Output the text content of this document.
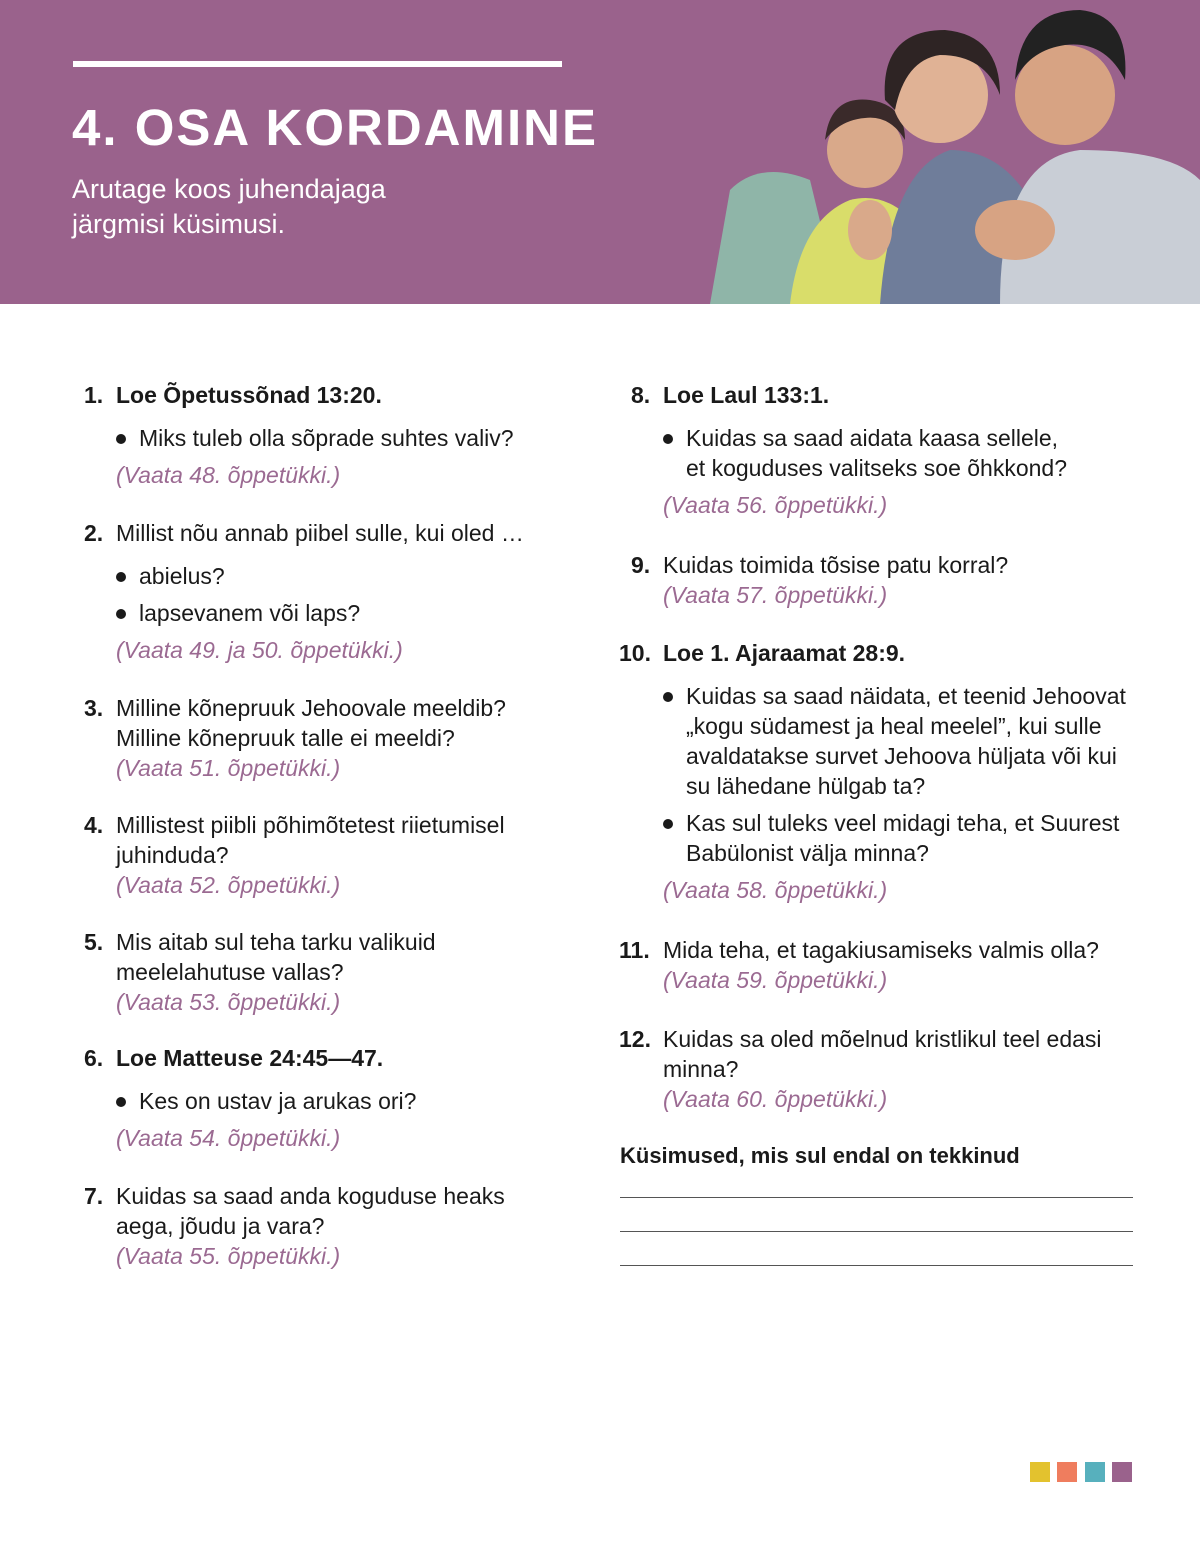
4. OSA KORDAMINE
Arutage koos juhendajaga
järgmisi küsimusi.
1. Loe Õpetussõnad 13:20.
Miks tuleb olla sõprade suhtes valiv?
(Vaata 48. õppetükki.)
2. Millist nõu annab piibel sulle, kui oled …
abielus?
lapsevanem või laps?
(Vaata 49. ja 50. õppetükki.)
3. Milline kõnepruuk Jehoovale meeldib? Milline kõnepruuk talle ei meeldi?
(Vaata 51. õppetükki.)
4. Millistest piibli põhimõtetest riietumisel juhinduda?
(Vaata 52. õppetükki.)
5. Mis aitab sul teha tarku valikuid meelelahutuse vallas?
(Vaata 53. õppetükki.)
6. Loe Matteuse 24:45—47.
Kes on ustav ja arukas ori?
(Vaata 54. õppetükki.)
7. Kuidas sa saad anda koguduse heaks aega, jõudu ja vara?
(Vaata 55. õppetükki.)
8. Loe Laul 133:1.
Kuidas sa saad aidata kaasa sellele, et koguduses valitseks soe õhkkond?
(Vaata 56. õppetükki.)
9. Kuidas toimida tõsise patu korral?
(Vaata 57. õppetükki.)
10. Loe 1. Ajaraamat 28:9.
Kuidas sa saad näidata, et teenid Jehoovat „kogu südamest ja heal meelel”, kui sulle avaldatakse survet Jehoova hüljata või kui su lähedane hülgab ta?
Kas sul tuleks veel midagi teha, et Suurest Babülonist välja minna?
(Vaata 58. õppetükki.)
11. Mida teha, et tagakiusamiseks valmis olla?
(Vaata 59. õppetükki.)
12. Kuidas sa oled mõelnud kristlikul teel edasi minna?
(Vaata 60. õppetükki.)
Küsimused, mis sul endal on tekkinud
